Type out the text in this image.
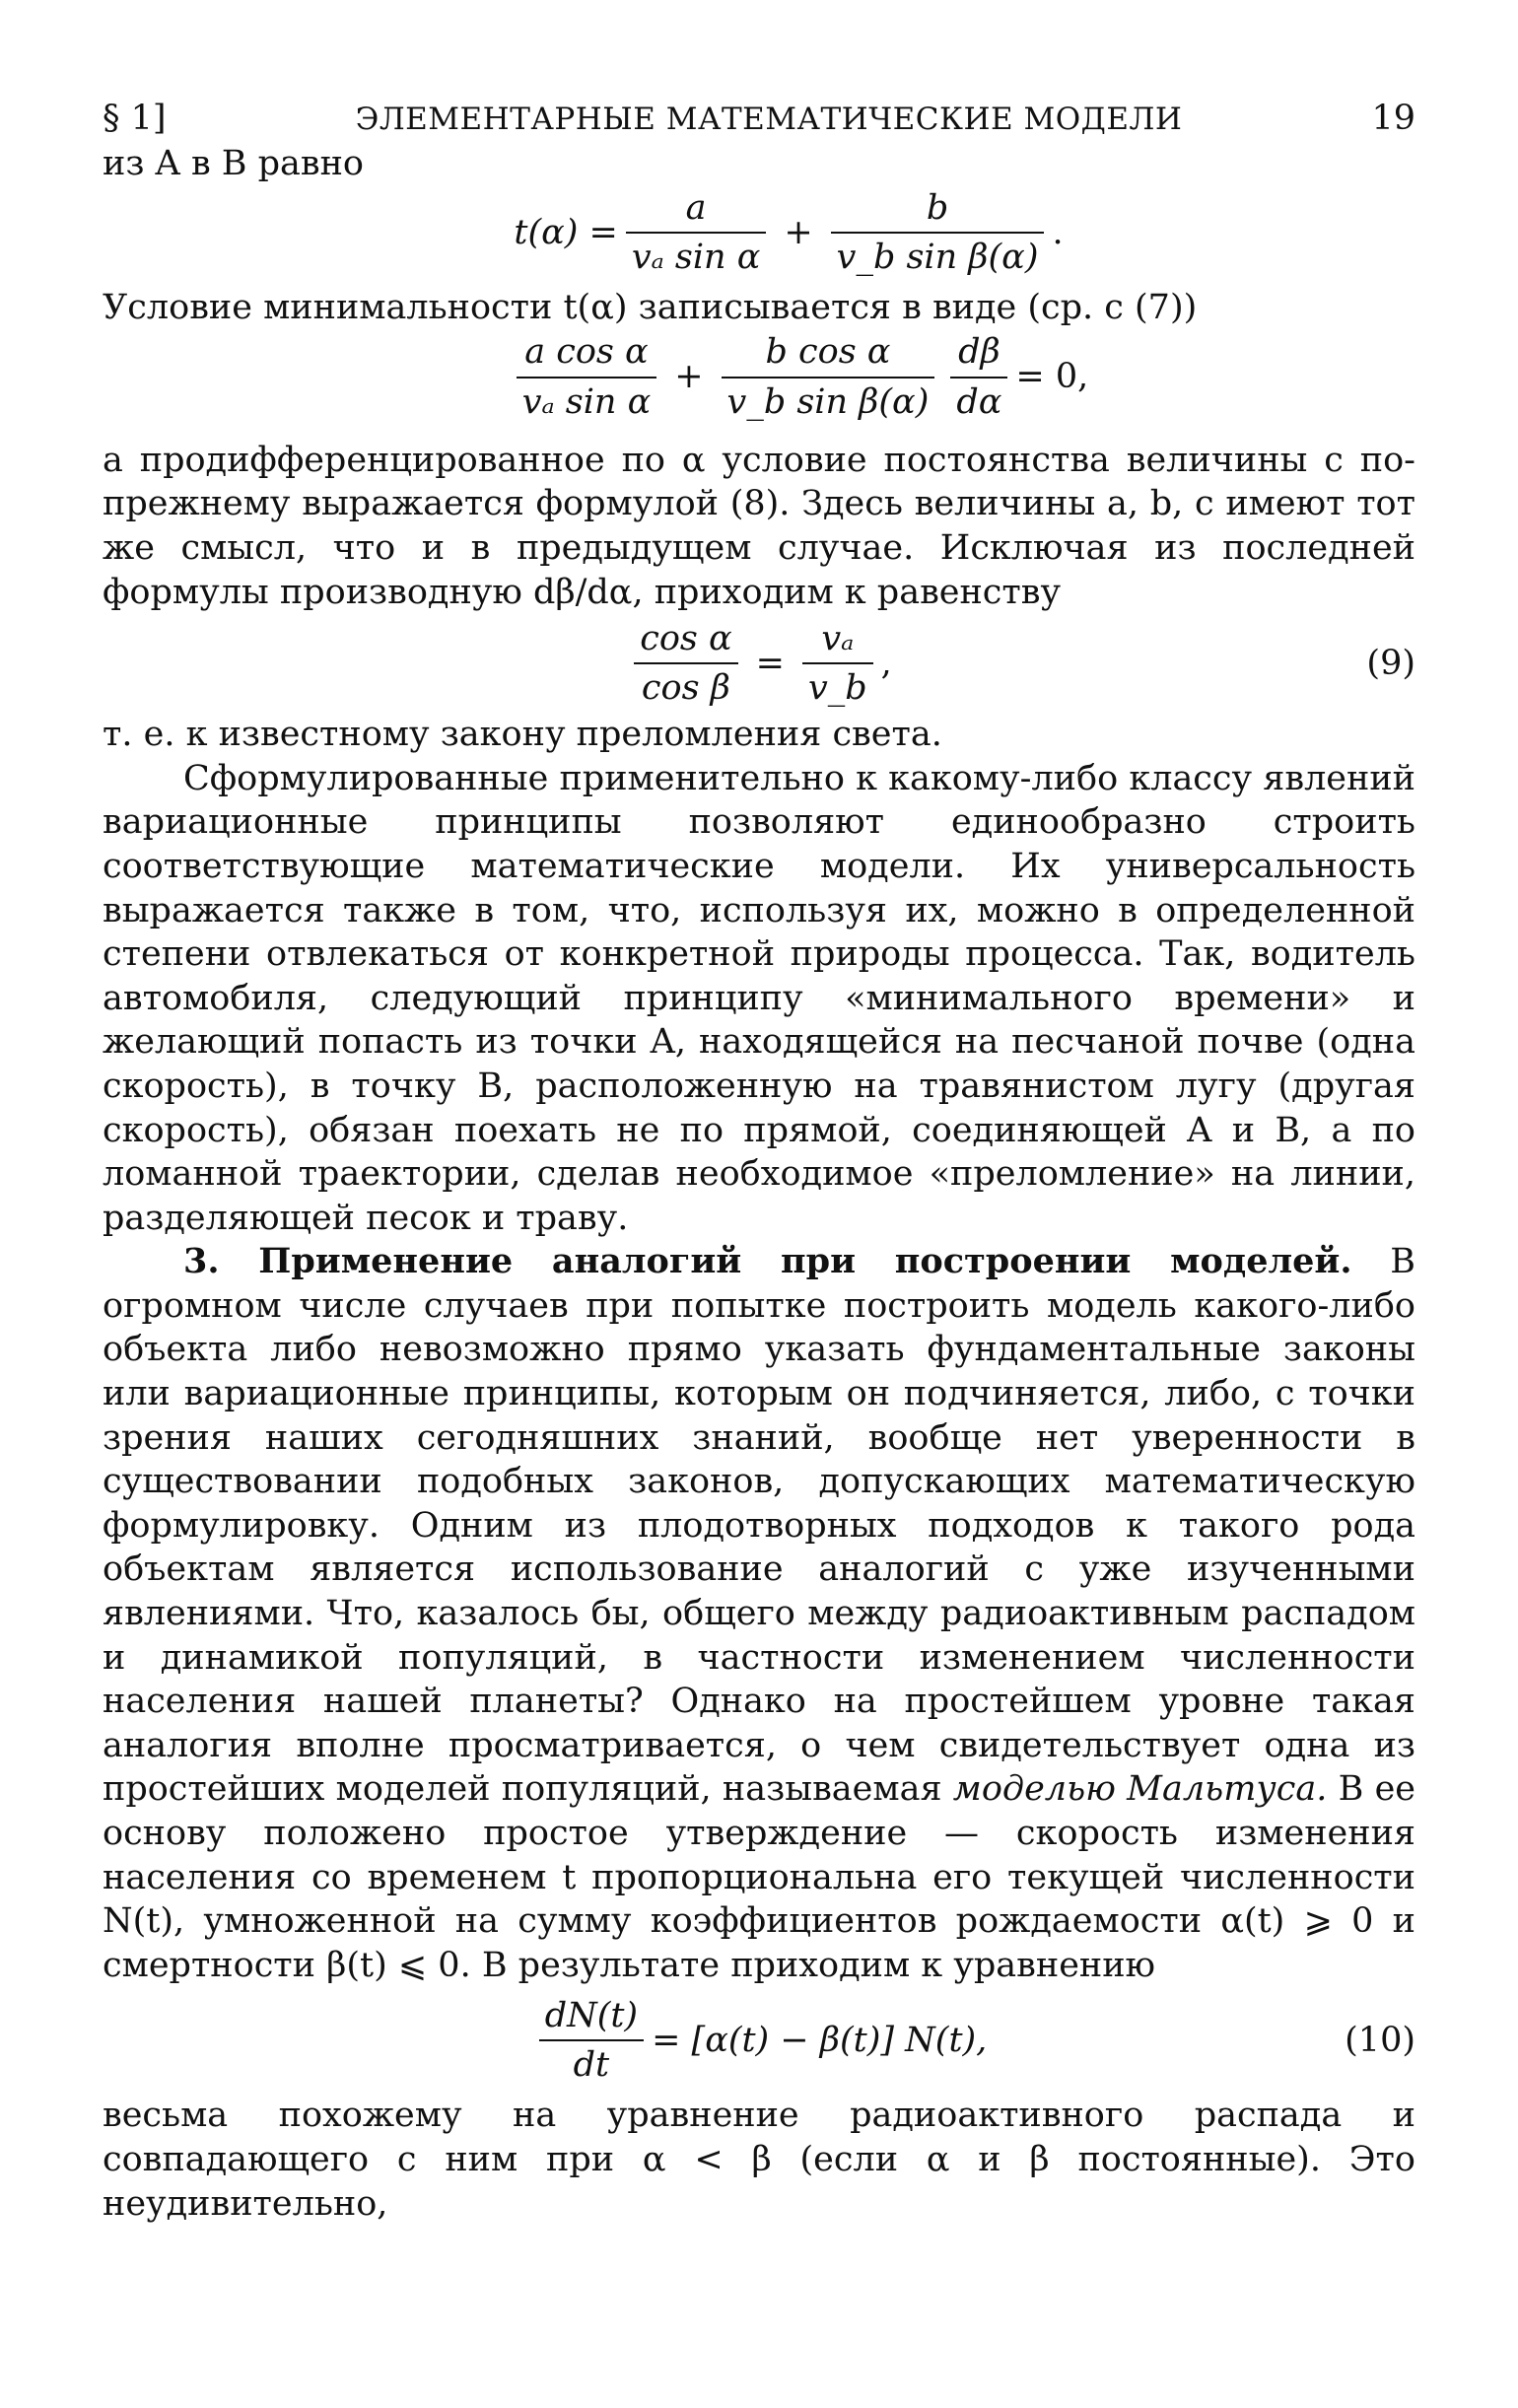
§ 1]	ЭЛЕМЕНТАРНЫЕ МАТЕМАТИЧЕСКИЕ МОДЕЛИ	19

из A в B равно

$t(\alpha) = \frac{a}{\text{vₐ sin α}} + \frac{b}{\text{v\_b sin β(α)}}$ .

Условие минимальности t(α) записывается в виде (ср. с (7))

$\frac{\text{a cos α}}{\text{vₐ sin α}} + \frac{\text{b cos α}}{\text{v\_b sin β(α)}} \frac{d\beta}{d\alpha} = 0$,

а продифференцированное по α условие постоянства величины c по-прежнему выражается формулой (8). Здесь величины a, b, c имеют тот же смысл, что и в предыдущем случае. Исключая из последней формулы производную dβ/dα, приходим к равенству

$\frac{\text{cos α}}{\text{cos β}} = \frac{\text{vₐ}}{v\_b}$ ,	(9)

т. е. к известному закону преломления света.

Сформулированные применительно к какому-либо классу явлений вариационные принципы позволяют единообразно строить соответствующие математические модели. Их универсальность выражается также в том, что, используя их, можно в определенной степени отвлекаться от конкретной природы процесса. Так, водитель автомобиля, следующий принципу «минимального времени» и желающий попасть из точки A, находящейся на песчаной почве (одна скорость), в точку B, расположенную на травянистом лугу (другая скорость), обязан поехать не по прямой, соединяющей A и B, а по ломанной траектории, сделав необходимое «преломление» на линии, разделяющей песок и траву.

3. Применение аналогий при построении моделей. В огромном числе случаев при попытке построить модель какого-либо объекта либо невозможно прямо указать фундаментальные законы или вариационные принципы, которым он подчиняется, либо, с точки зрения наших сегодняшних знаний, вообще нет уверенности в существовании подобных законов, допускающих математическую формулировку. Одним из плодотворных подходов к такого рода объектам является использование аналогий с уже изученными явлениями. Что, казалось бы, общего между радиоактивным распадом и динамикой популяций, в частности изменением численности населения нашей планеты? Однако на простейшем уровне такая аналогия вполне просматривается, о чем свидетельствует одна из простейших моделей популяций, называемая моделью Мальтуса. В ее основу положено простое утверждение — скорость изменения населения со временем t пропорциональна его текущей численности N(t), умноженной на сумму коэффициентов рождаемости α(t) ⩾ 0 и смертности β(t) ⩽ 0. В результате приходим к уравнению

$\frac{dN(t)}{dt} = [\alpha(t) - \beta(t)]$ N(t),	(10)

весьма похожему на уравнение радиоактивного распада и совпадающего с ним при α < β (если α и β постоянные). Это неудивительно,
